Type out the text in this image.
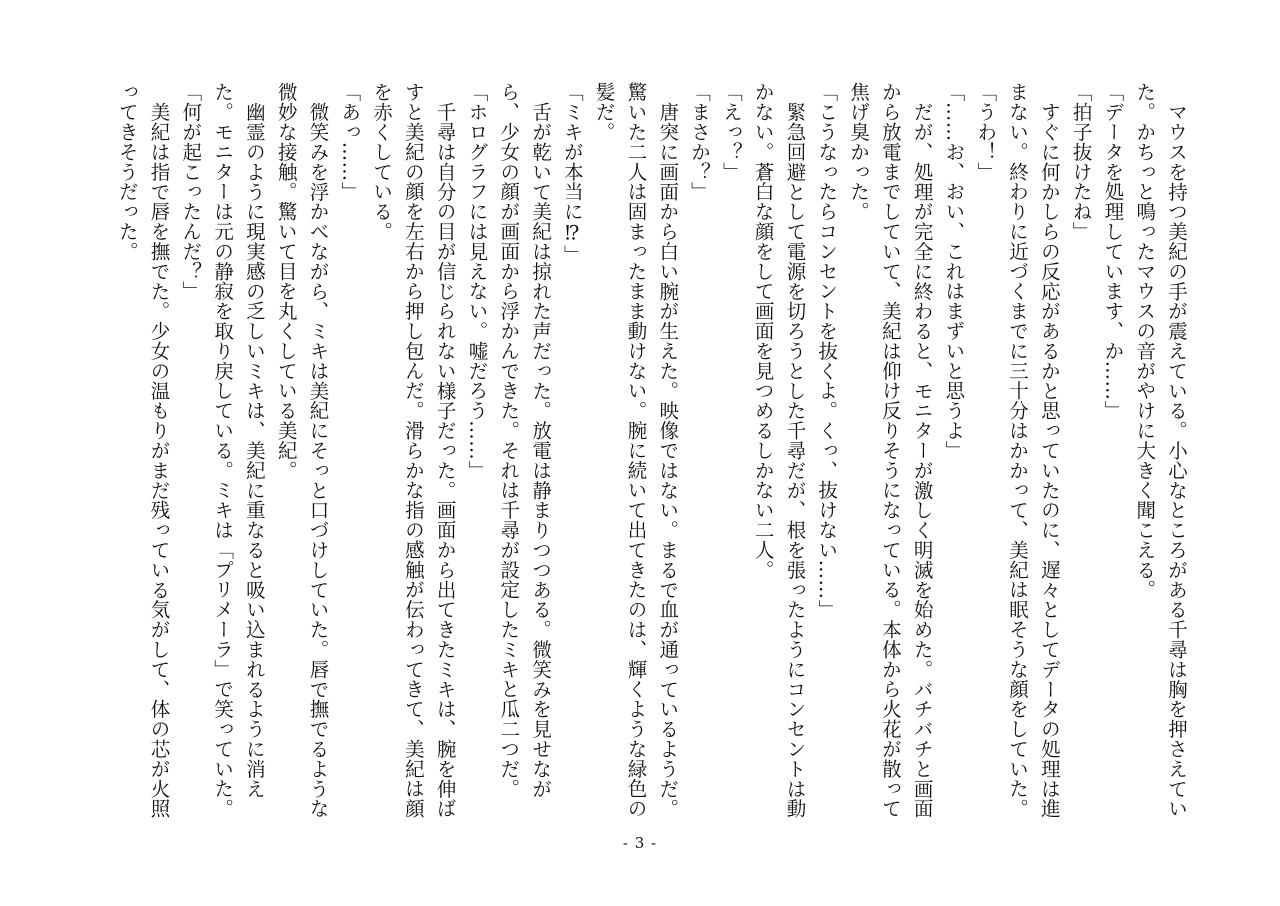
マウスを持つ美紀の手が震えている。小心なところがある千尋は胸を押さえていた。かちっと鳴ったマウスの音がやけに大きく聞こえる。

「データを処理しています、か……」

「拍子抜けたね」

すぐに何かしらの反応があるかと思っていたのに、遅々としてデータの処理は進まない。終わりに近づくまでに三十分はかかって、美紀は眠そうな顔をしていた。

「うわ！」

「……お、おい、これはまずいと思うよ」

だが、処理が完全に終わると、モニターが激しく明滅を始めた。バチバチと画面から放電までしていて、美紀は仰け反りそうになっている。本体から火花が散って焦げ臭かった。

「こうなったらコンセントを抜くよ。くっ、抜けない……」

緊急回避として電源を切ろうとした千尋だが、根を張ったようにコンセントは動かない。蒼白な顔をして画面を見つめるしかない二人。

「えっ？」

「まさか？」

唐突に画面から白い腕が生えた。映像ではない。まるで血が通っているようだ。驚いた二人は固まったまま動けない。腕に続いて出てきたのは、輝くような緑色の髪だ。

「ミキが本当に⁉」

舌が乾いて美紀は掠れた声だった。放電は静まりつつある。微笑みを見せながら、少女の顔が画面から浮かんできた。それは千尋が設定したミキと瓜二つだ。

「ホログラフには見えない。嘘だろう……」

千尋は自分の目が信じられない様子だった。画面から出てきたミキは、腕を伸ばすと美紀の顔を左右から押し包んだ。滑らかな指の感触が伝わってきて、美紀は顔を赤くしている。

「あっ……」

微笑みを浮かべながら、ミキは美紀にそっと口づけしていた。唇で撫でるような微妙な接触。驚いて目を丸くしている美紀。

幽霊のように現実感の乏しいミキは、美紀に重なると吸い込まれるように消えた。モニターは元の静寂を取り戻している。ミキは「プリメーラ」で笑っていた。

「何が起こったんだ？」

美紀は指で唇を撫でた。少女の温もりがまだ残っている気がして、体の芯が火照ってきそうだった。

- 3 -
